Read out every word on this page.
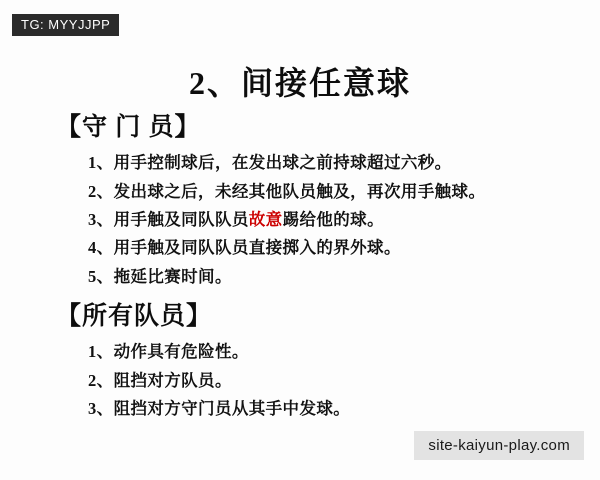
TG: MYYJJPP
2、间接任意球
【守 门 员】
1、用手控制球后，在发出球之前持球超过六秒。
2、发出球之后，未经其他队员触及，再次用手触球。
3、用手触及同队队员故意踢给他的球。
4、用手触及同队队员直接掷入的界外球。
5、拖延比赛时间。
【所有队员】
1、动作具有危险性。
2、阻挡对方队员。
3、阻挡对方守门员从其手中发球。
site-kaiyun-play.com
